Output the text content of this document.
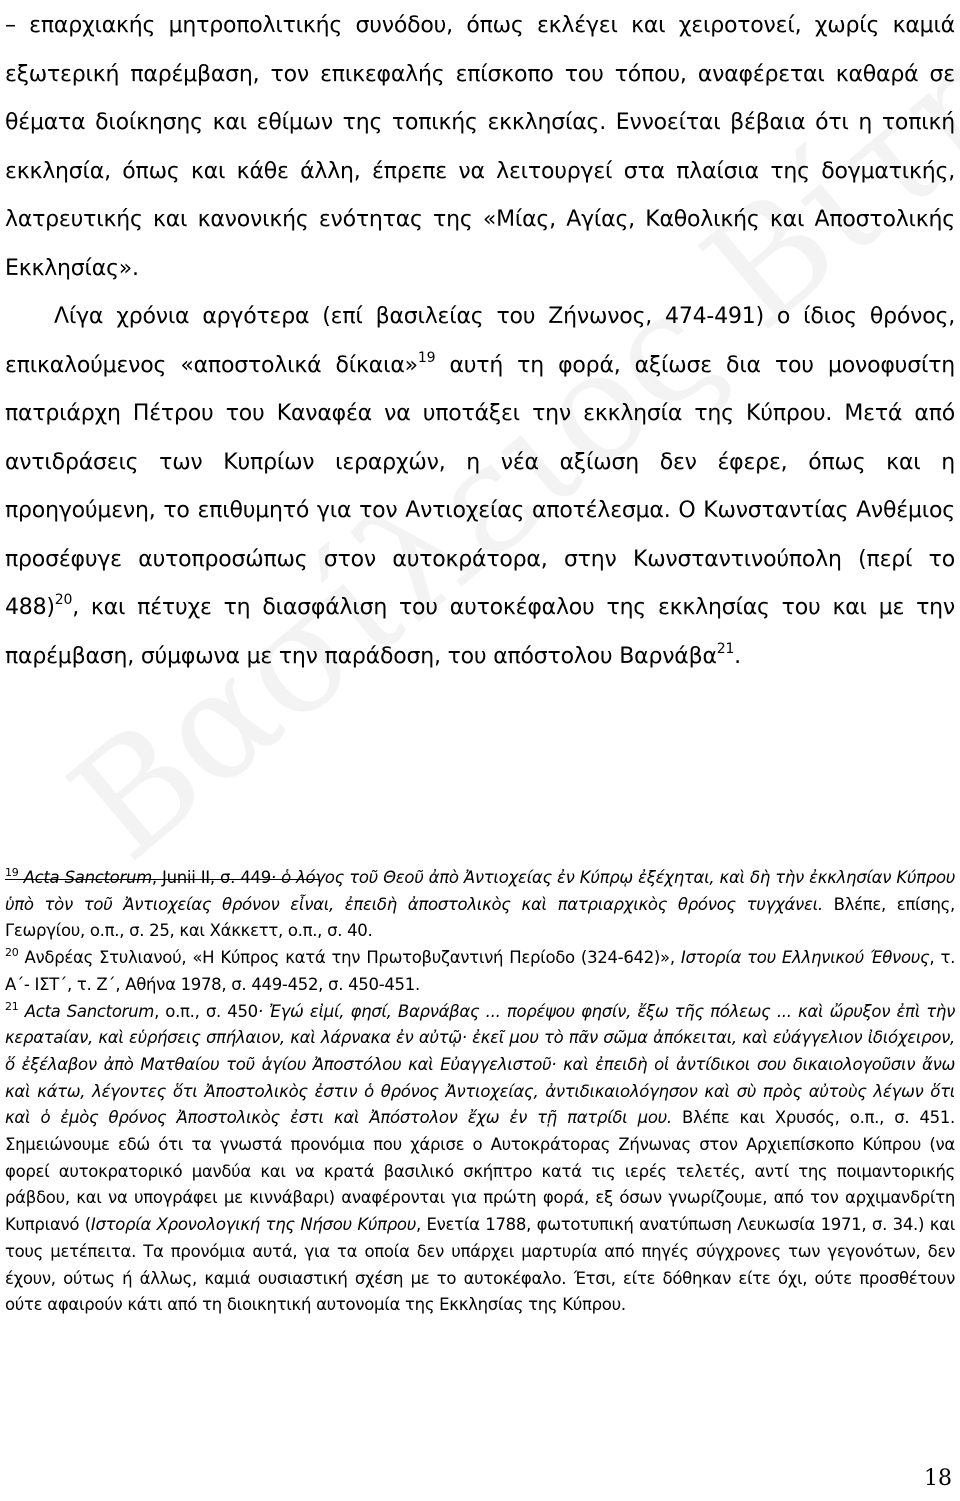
– επαρχιακής μητροπολιτικής συνόδου, όπως εκλέγει και χειροτονεί, χωρίς καμιά εξωτερική παρέμβαση, τον επικεφαλής επίσκοπο του τόπου, αναφέρεται καθαρά σε θέματα διοίκησης και εθίμων της τοπικής εκκλησίας. Εννοείται βέβαια ότι η τοπική εκκλησία, όπως και κάθε άλλη, έπρεπε να λειτουργεί στα πλαίσια της δογματικής, λατρευτικής και κανονικής ενότητας της «Μίας, Αγίας, Καθολικής και Αποστολικής Εκκλησίας».

Λίγα χρόνια αργότερα (επί βασιλείας του Ζήνωνος, 474-491) ο ίδιος θρόνος, επικαλούμενος «αποστολικά δίκαια»$^{19}$ αυτή τη φορά, αξίωσε δια του μονοφυσίτη πατριάρχη Πέτρου του Καναφέα να υποτάξει την εκκλησία της Κύπρου. Μετά από αντιδράσεις των Κυπρίων ιεραρχών, η νέα αξίωση δεν έφερε, όπως και η προηγούμενη, το επιθυμητό για τον Αντιοχείας αποτέλεσμα. Ο Κωνσταντίας Ανθέμιος προσέφυγε αυτοπροσώπως στον αυτοκράτορα, στην Κωνσταντινούπολη (περί το 488)$^{20}$, και πέτυχε τη διασφάλιση του αυτοκέφαλου της εκκλησίας του και με την παρέμβαση, σύμφωνα με την παράδοση, του απόστολου Βαρνάβα$^{21}$.

$^{19}$ Acta Sanctorum, Junii II, σ. 449· ὁ λόγος τοῦ Θεοῦ ἀπὸ Ἀντιοχείας ἐν Κύπρῳ ἐξέχηται, καὶ δὴ τὴν ἐκκλησίαν Κύπρου ὑπὸ τὸν τοῦ Ἀντιοχείας θρόνον εἶναι, ἐπειδὴ ἀποστολικὸς καὶ πατριαρχικὸς θρόνος τυγχάνει. Βλέπε, επίσης, Γεωργίου, ο.π., σ. 25, και Χάκκεττ, ο.π., σ. 40.

$^{20}$ Ανδρέας Στυλιανού, «Η Κύπρος κατά την Πρωτοβυζαντινή Περίοδο (324-642)», Ιστορία του Ελληνικού Έθνους, τ. Α΄- ΙΣΤ΄, τ. Ζ΄, Αθήνα 1978, σ. 449-452, σ. 450-451.

$^{21}$ Acta Sanctorum, ο.π., σ. 450· Ἐγώ εἰμί, φησί, Βαρνάβας ... πορέψου φησίν, ἔξω τῆς πόλεως ... καὶ ὤρυξον ἐπὶ τὴν κερατaίαν, καὶ εὑρήσεις σπήλαιον, καὶ λάρνακα ἐν αὐτῷ· ἐκεῖ μου τὸ πᾶν σῶμα ἀπόκειται, καὶ εὐάγγελιον ἰδιόχειρον, ὅ ἐξέλαβον ἀπὸ Ματθαίου τοῦ ἁγίου Ἀποστόλου καὶ Εὐαγγελιστοῦ· καὶ ἐπειδὴ οἱ ἀντίδικοι σου δικαιολογοῦσιν ἄνω καὶ κάτω, λέγοντες ὅτι Ἀποστολικὸς ἐστιν ὁ θρόνος Ἀντιοχείας, ἀντιδικαιολόγησον καὶ σὺ πρὸς αὐτοὺς λέγων ὅτι καὶ ὁ ἐμὸς θρόνος Ἀποστολικὸς ἐστι καὶ Ἀπόστολον ἔχω ἐν τῇ πατρίδι μου. Βλέπε και Χρυσός, ο.π., σ. 451. Σημειώνουμε εδώ ότι τα γνωστά προνόμια που χάρισε ο Αυτοκράτορας Ζήνωνας στον Αρχιεπίσκοπο Κύπρου (να φορεί αυτοκρατορικό μανδύα και να κρατά βασιλικό σκήπτρο κατά τις ιερές τελετές, αντί της ποιμαντορικής ράβδου, και να υπογράφει με κιννάβαρι) αναφέρονται για πρώτη φορά, εξ όσων γνωρίζουμε, από τον αρχιμανδρίτη Κυπριανό (Ιστορία Χρονολογική της Νήσου Κύπρου, Ενετία 1788, φωτοτυπική ανατύπωση Λευκωσία 1971, σ. 34.) και τους μετέπειτα. Τα προνόμια αυτά, για τα οποία δεν υπάρχει μαρτυρία από πηγές σύγχρονες των γεγονότων, δεν έχουν, ούτως ή άλλως, καμιά ουσιαστική σχέση με το αυτοκέφαλο. Έτσι, είτε δόθηκαν είτε όχι, ούτε προσθέτουν ούτε αφαιρούν κάτι από τη διοικητική αυτονομία της Εκκλησίας της Κύπρου.

18
